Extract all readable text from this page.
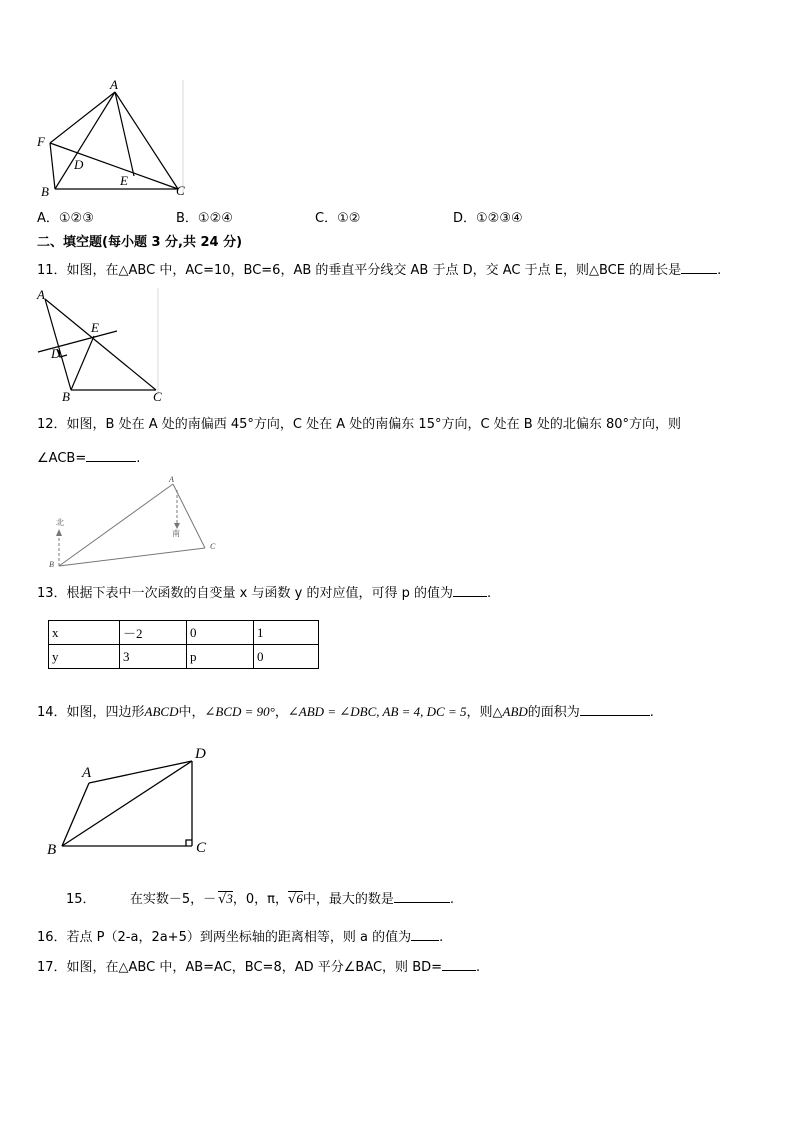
A
F
D
B
E
C
A．①②③	B．①②④	C．①②	D．①②③④
二、填空题(每小题 3 分,共 24 分)
11．如图，在△ABC 中，AC=10，BC=6，AB 的垂直平分线交 AB 于点 D，交 AC 于点 E，则△BCE 的周长是	.
A
E
D
B	C
12．如图，B 处在 A 处的南偏西 45°方向，C 处在 A 处的南偏东 15°方向，C 处在 B 处的北偏东 80°方向，则
∠ACB=	.
A
B
C
北
南
13．根据下表中一次函数的自变量 x 与函数 y 的对应值，可得 p 的值为	.
x	－2	0	1
y	3	p	0
14．如图，四边形ABCD中，∠BCD = 90°，∠ABD = ∠DBC, AB = 4, DC = 5，则△ABD的面积为	.
A
D
B	C
15．	在实数－5，－ √3，0，π，√6中，最大的数是	.
16．若点 P（2-a，2a+5）到两坐标轴的距离相等，则 a 的值为 .
17．如图，在△ABC 中，AB=AC，BC=8，AD 平分∠BAC，则 BD=	.
